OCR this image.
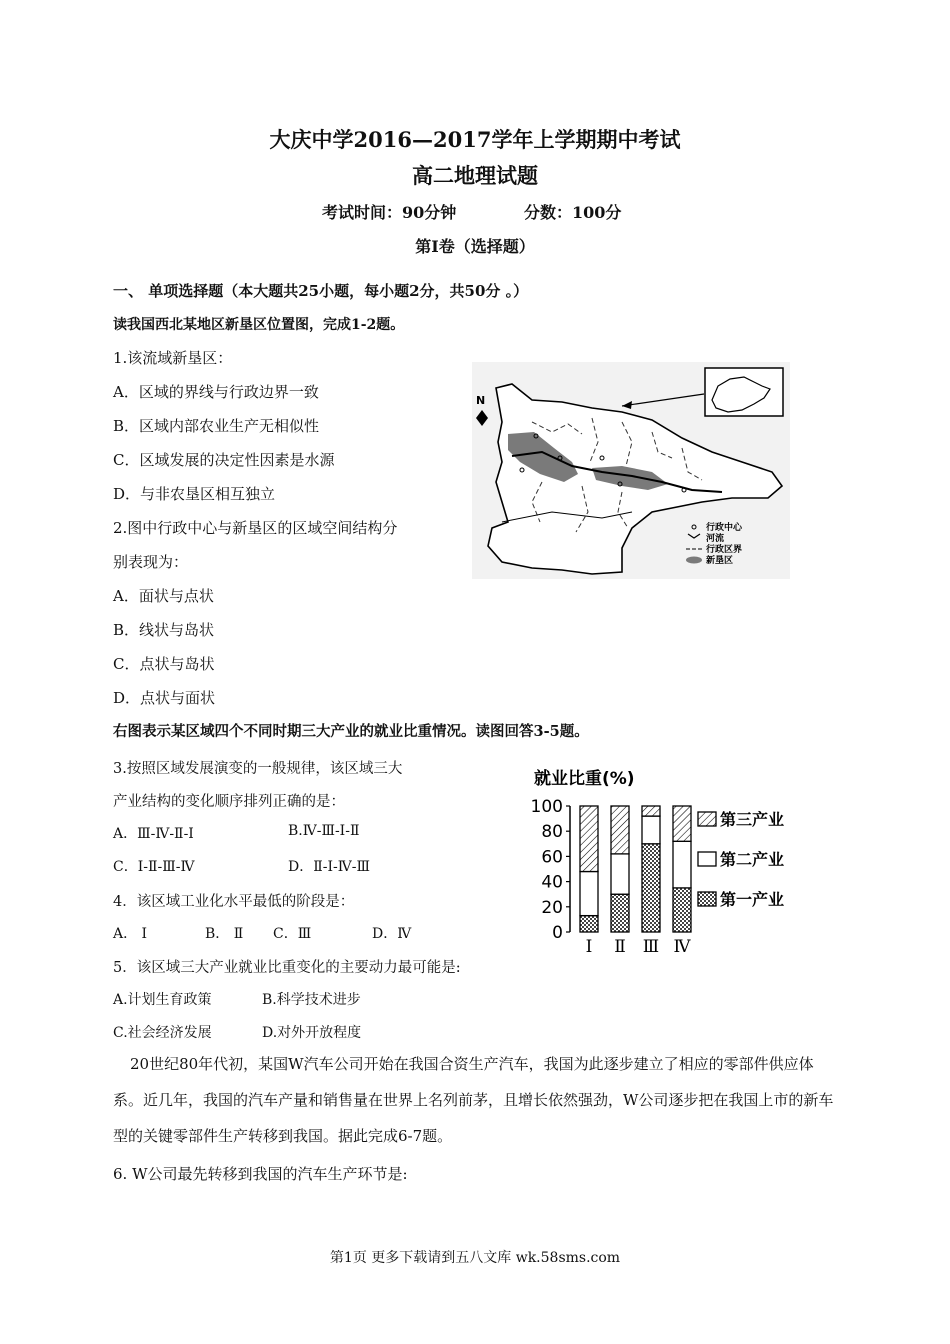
大庆中学2016—2017学年上学期期中考试
高二地理试题
考试时间：90分钟	分数：100分
第Ⅰ卷（选择题）
一、 单项选择题（本大题共25小题，每小题2分，共50分 。）
读我国西北某地区新垦区位置图，完成1-2题。
1.该流域新垦区：
A．区域的界线与行政边界一致
B．区域内部农业生产无相似性
C．区域发展的决定性因素是水源
D．与非农垦区相互独立
2.图中行政中心与新垦区的区域空间结构分
别表现为：
A．面状与点状
B．线状与岛状
C．点状与岛状
D．点状与面状
N
行政中心
河流
行政区界
新垦区
右图表示某区域四个不同时期三大产业的就业比重情况。读图回答3-5题。
3.按照区域发展演变的一般规律，该区域三大
产业结构的变化顺序排列正确的是：
A．Ⅲ-Ⅳ-Ⅱ-Ⅰ	B.Ⅳ-Ⅲ-Ⅰ-Ⅱ
C．Ⅰ-Ⅱ-Ⅲ-Ⅳ	D．Ⅱ-Ⅰ-Ⅳ-Ⅲ
4．该区域工业化水平最低的阶段是：
A． Ⅰ	B． Ⅱ C．Ⅲ	D．Ⅳ
5．该区域三大产业就业比重变化的主要动力最可能是:
A.计划生育政策	B.科学技术进步
C.社会经济发展	D.对外开放程度
就业比重(%)
0
20
40
60
80
100
Ⅰ Ⅱ Ⅲ Ⅳ
第三产业
第二产业
第一产业
20世纪80年代初，某国W汽车公司开始在我国合资生产汽车，我国为此逐步建立了相应的零部件供应体系。近几年，我国的汽车产量和销售量在世界上名列前茅，且增长依然强劲，W公司逐步把在我国上市的新车型的关键零部件生产转移到我国。据此完成6-7题。
6. W公司最先转移到我国的汽车生产环节是:
第1页 更多下载请到五八文库 wk.58sms.com
